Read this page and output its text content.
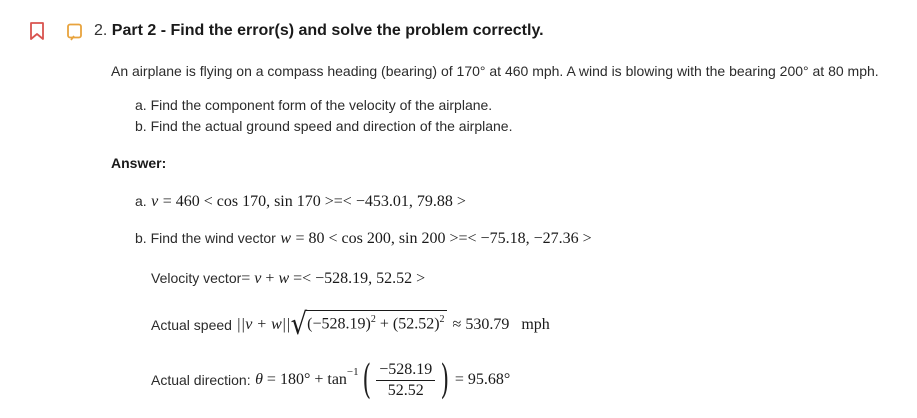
2. Part 2 - Find the error(s) and solve the problem correctly.
An airplane is flying on a compass heading (bearing) of 170° at 460 mph. A wind is blowing with the bearing 200° at 80 mph.
a. Find the component form of the velocity of the airplane.
b. Find the actual ground speed and direction of the airplane.
Answer:
a. v = 460 < cos 170, sin 170 >=< −453.01, 79.88 >
b. Find the wind vector w = 80 < cos 200, sin 200 >=< −75.18, −27.36 >
Velocity vector= v + w =< −528.19, 52.52 >
Actual speed
||v + w|| $√(-528.19)^2 + (52.52)^2 \approx 530.79$   mph
Actual direction:
$\theta = 180^\circ + \tan^{-1}$ ( $\frac{-528.19}{52.52}$ ) = 95.68°
